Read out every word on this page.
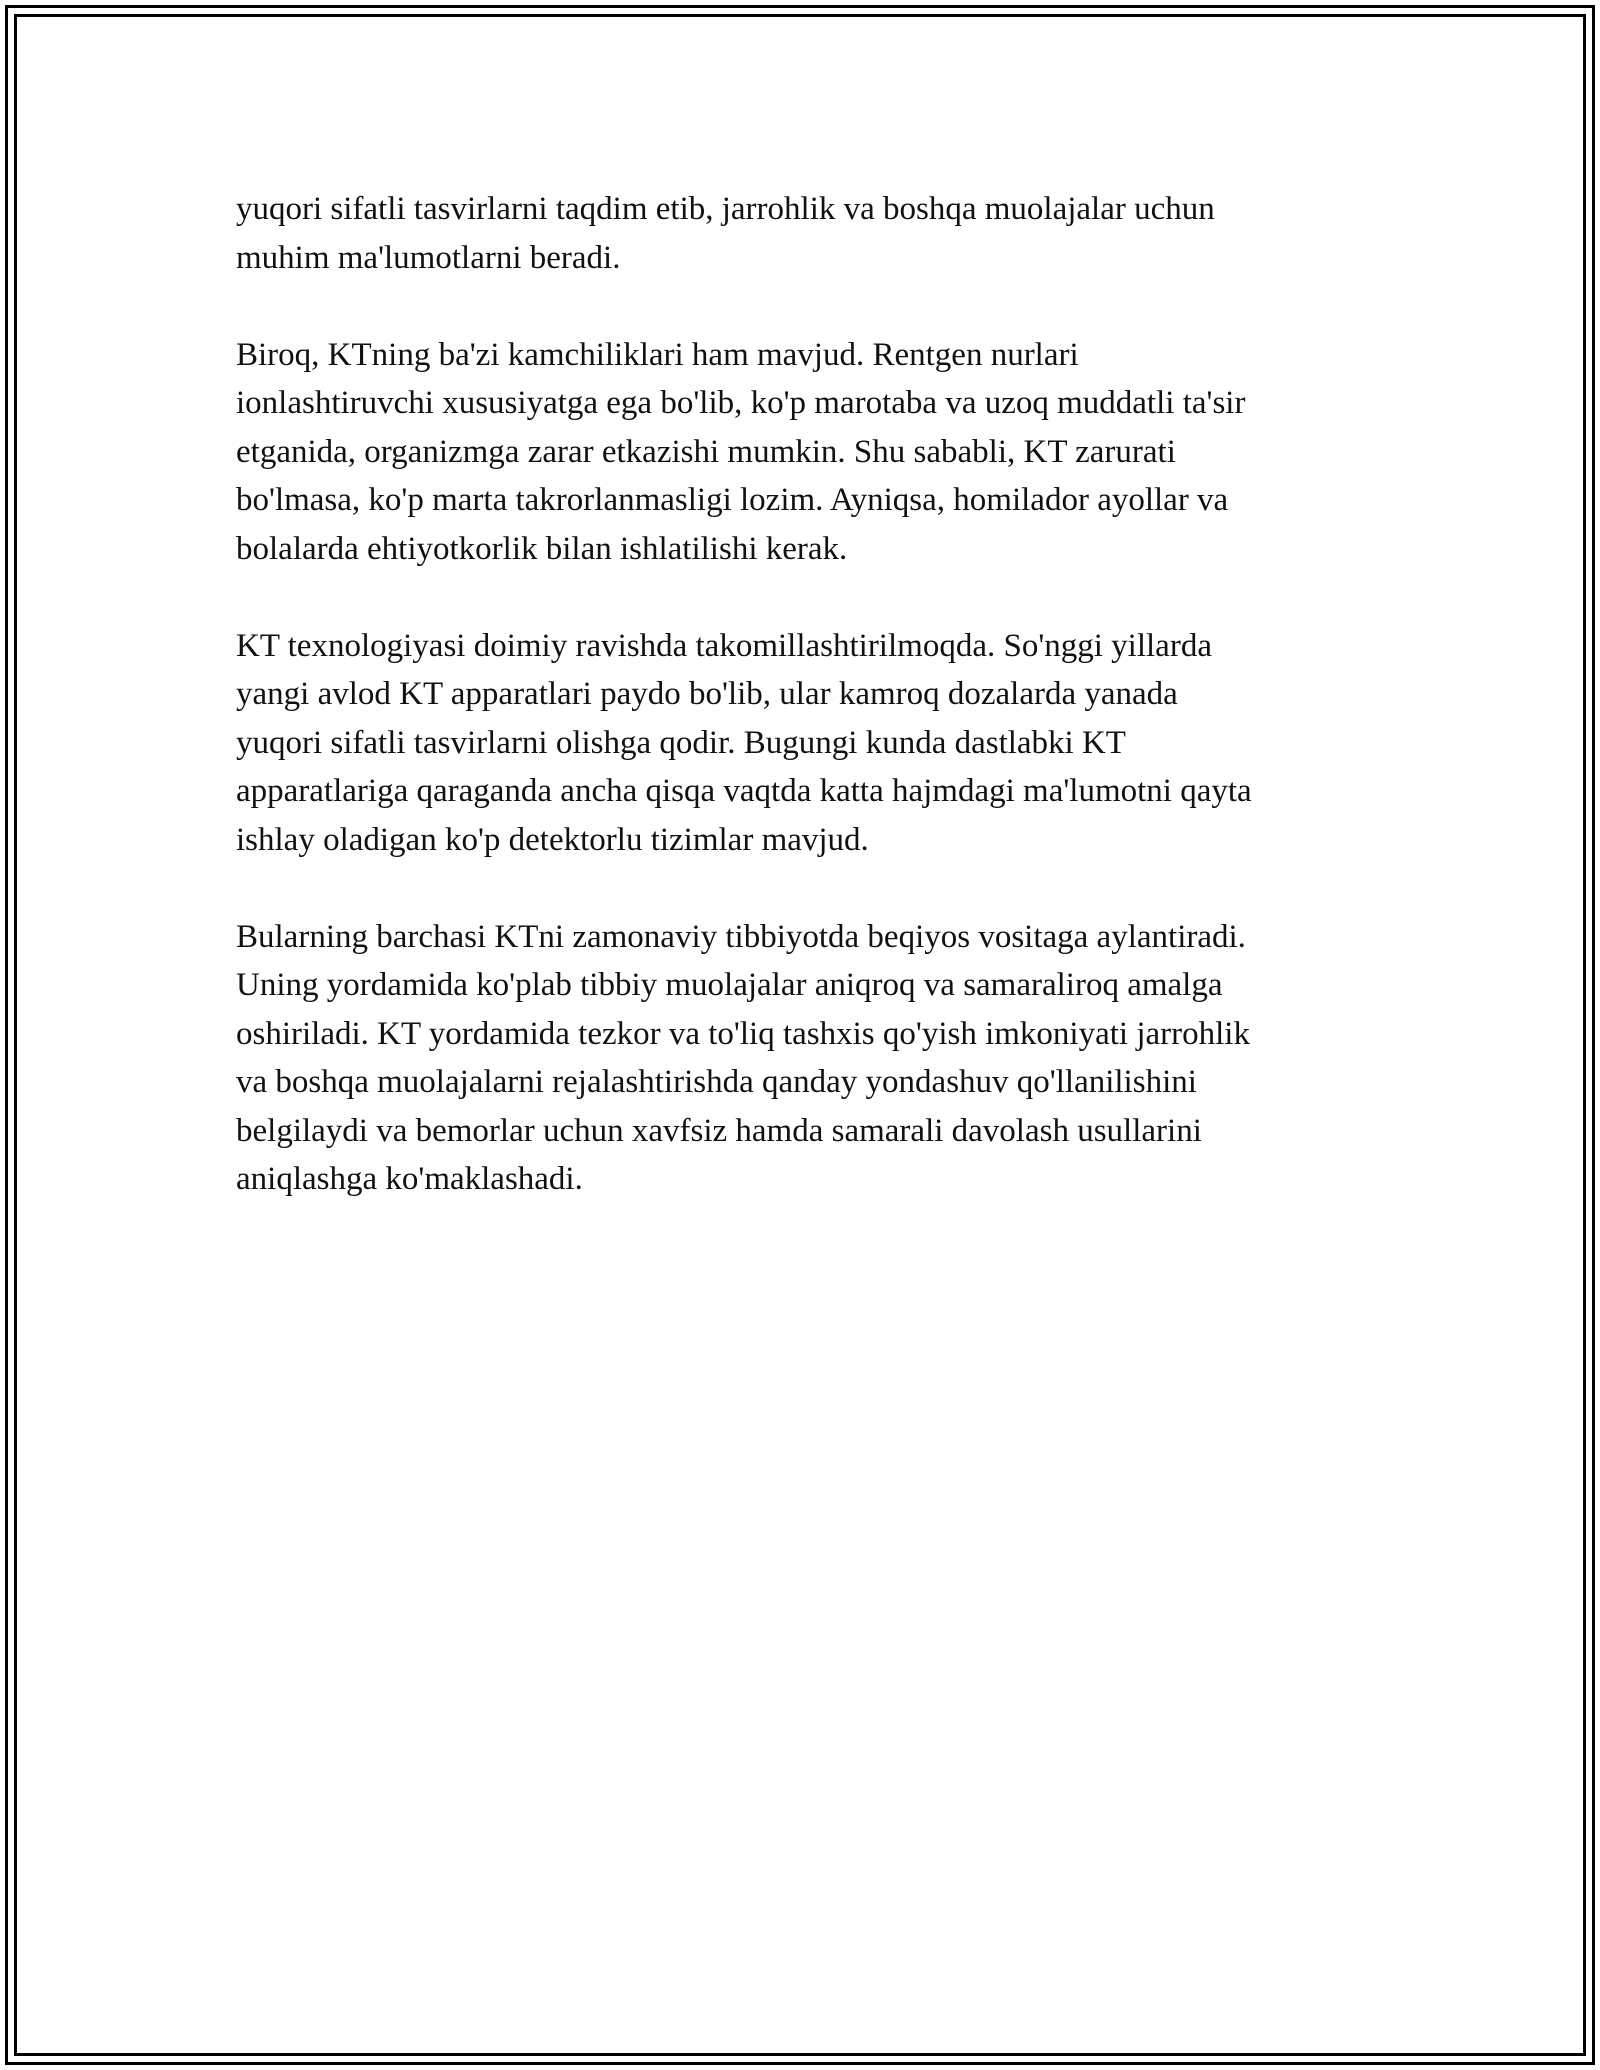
yuqori sifatli tasvirlarni taqdim etib, jarrohlik va boshqa muolajalar uchun
muhim ma'lumotlarni beradi.

Biroq, KTning ba'zi kamchiliklari ham mavjud. Rentgen nurlari
ionlashtiruvchi xususiyatga ega bo'lib, ko'p marotaba va uzoq muddatli ta'sir
etganida, organizmga zarar etkazishi mumkin. Shu sababli, KT zarurati
bo'lmasa, ko'p marta takrorlanmasligi lozim. Ayniqsa, homilador ayollar va
bolalarda ehtiyotkorlik bilan ishlatilishi kerak.

KT texnologiyasi doimiy ravishda takomillashtirilmoqda. So'nggi yillarda
yangi avlod KT apparatlari paydo bo'lib, ular kamroq dozalarda yanada
yuqori sifatli tasvirlarni olishga qodir. Bugungi kunda dastlabki KT
apparatlariga qaraganda ancha qisqa vaqtda katta hajmdagi ma'lumotni qayta
ishlay oladigan ko'p detektorlu tizimlar mavjud.

Bularning barchasi KTni zamonaviy tibbiyotda beqiyos vositaga aylantiradi.
Uning yordamida ko'plab tibbiy muolajalar aniqroq va samaraliroq amalga
oshiriladi. KT yordamida tezkor va to'liq tashxis qo'yish imkoniyati jarrohlik
va boshqa muolajalarni rejalashtirishda qanday yondashuv qo'llanilishini
belgilaydi va bemorlar uchun xavfsiz hamda samarali davolash usullarini
aniqlashga ko'maklashadi.
